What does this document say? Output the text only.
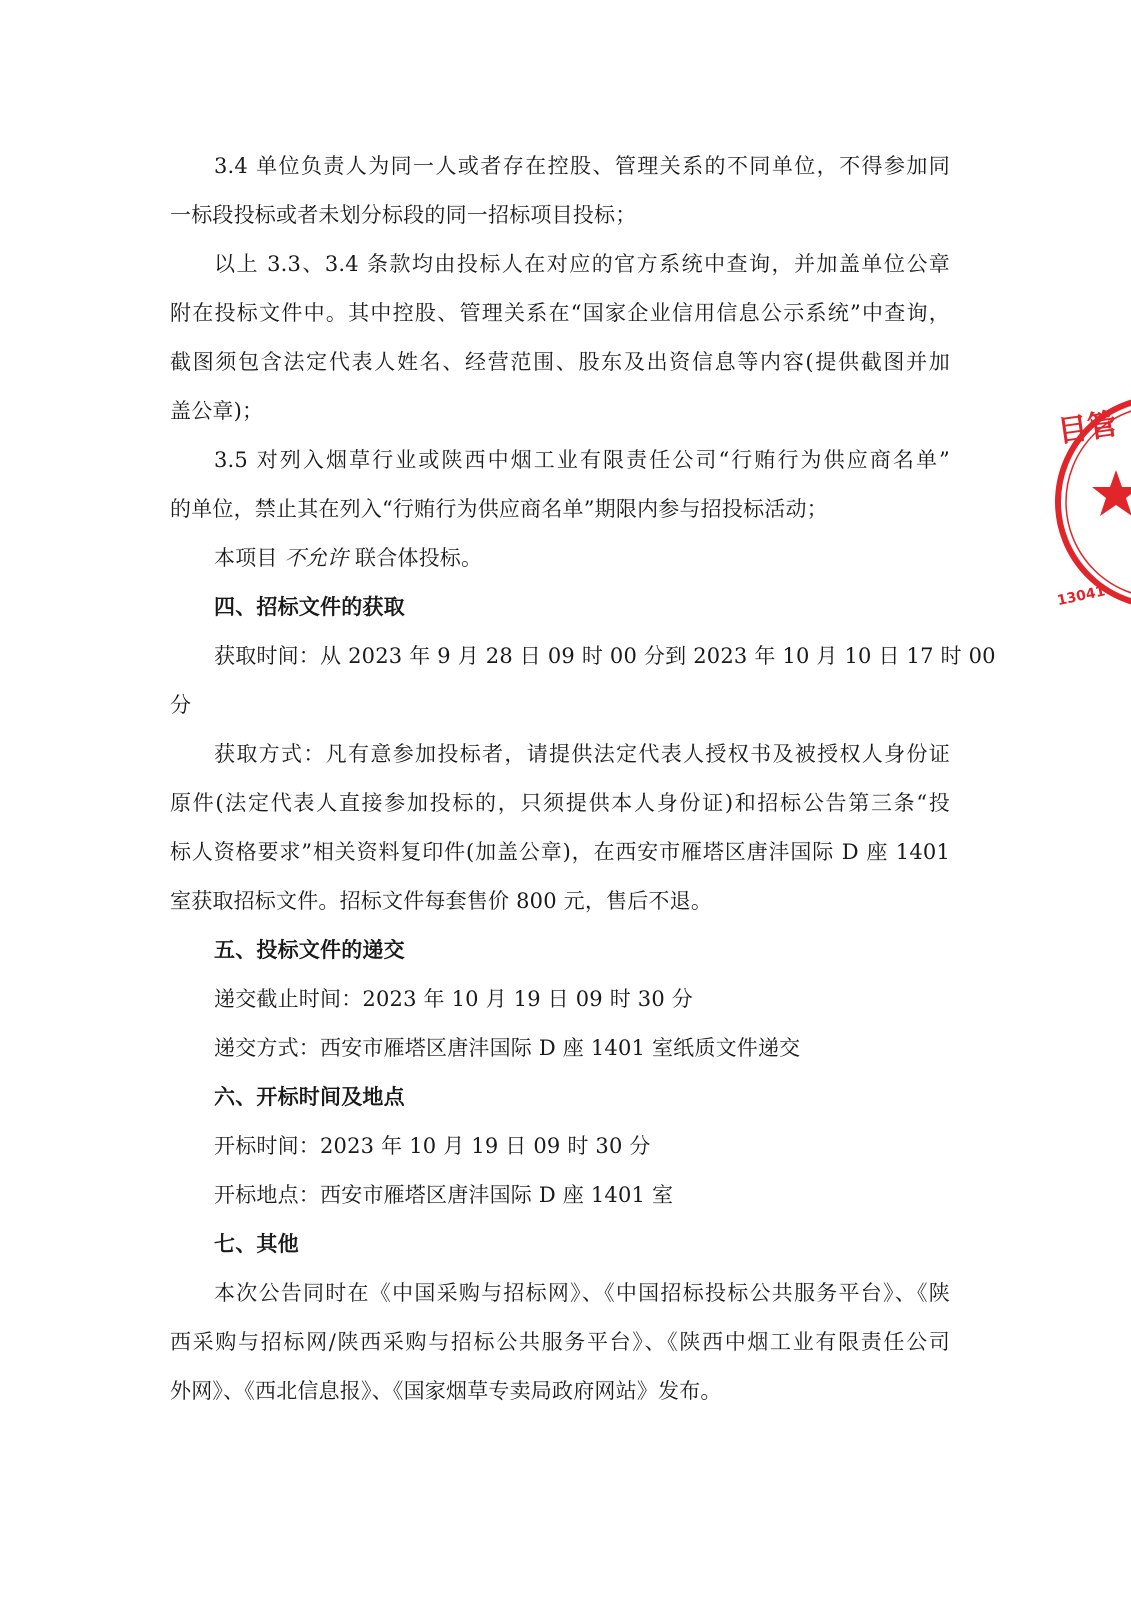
3.4 单位负责人为同一人或者存在控股、管理关系的不同单位，不得参加同
一标段投标或者未划分标段的同一招标项目投标；
以上 3.3、3.4 条款均由投标人在对应的官方系统中查询，并加盖单位公章
附在投标文件中。其中控股、管理关系在“国家企业信用信息公示系统”中查询，
截图须包含法定代表人姓名、经营范围、股东及出资信息等内容(提供截图并加
盖公章)；
3.5 对列入烟草行业或陕西中烟工业有限责任公司“行贿行为供应商名单”
的单位，禁止其在列入“行贿行为供应商名单”期限内参与招投标活动；
本项目 不允许 联合体投标。
四、招标文件的获取
获取时间：从 2023 年 9 月 28 日 09 时 00 分到 2023 年 10 月 10 日 17 时 00
分
获取方式：凡有意参加投标者，请提供法定代表人授权书及被授权人身份证
原件(法定代表人直接参加投标的，只须提供本人身份证)和招标公告第三条“投
标人资格要求”相关资料复印件(加盖公章)，在西安市雁塔区唐沣国际 D 座 1401
室获取招标文件。招标文件每套售价 800 元，售后不退。
五、投标文件的递交
递交截止时间：2023 年 10 月 19 日 09 时 30 分
递交方式：西安市雁塔区唐沣国际 D 座 1401 室纸质文件递交
六、开标时间及地点
开标时间：2023 年 10 月 19 日 09 时 30 分
开标地点：西安市雁塔区唐沣国际 D 座 1401 室
七、其他
本次公告同时在《中国采购与招标网》、《中国招标投标公共服务平台》、《陕
西采购与招标网/陕西采购与招标公共服务平台》、《陕西中烟工业有限责任公司
外网》、《西北信息报》、《国家烟草专卖局政府网站》发布。
目管
13041
